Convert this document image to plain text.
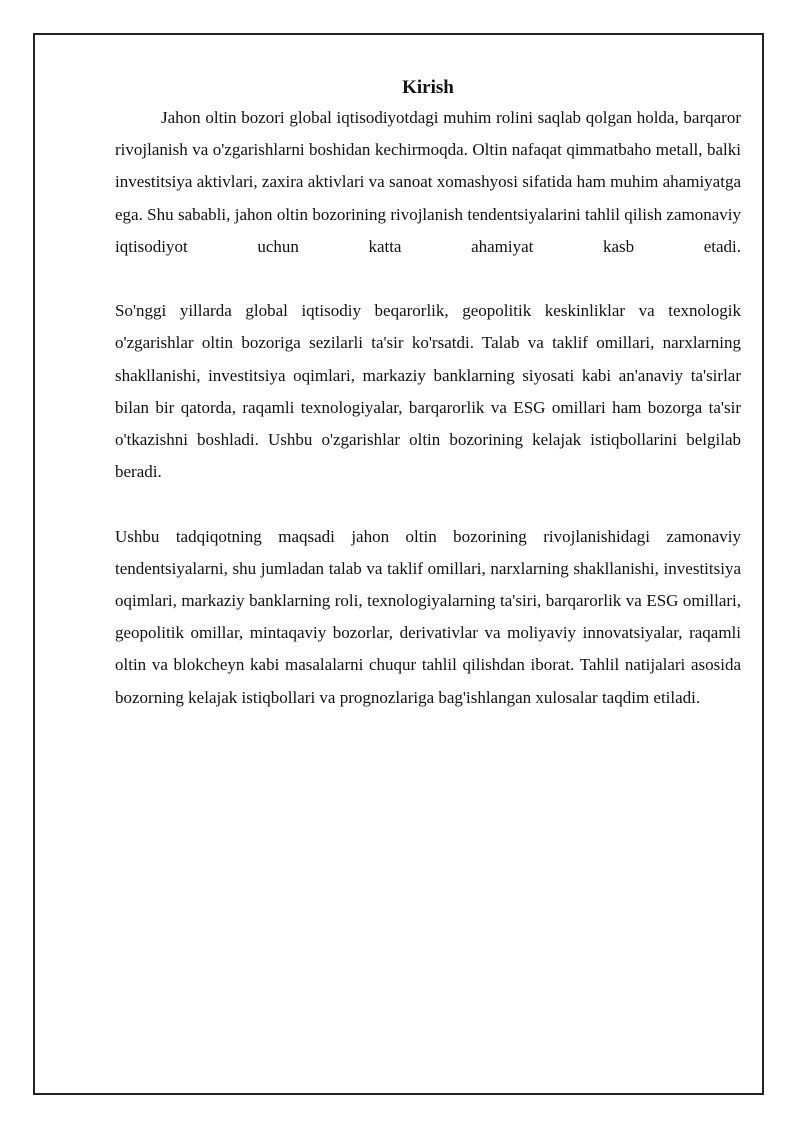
Kirish

Jahon oltin bozori global iqtisodiyotdagi muhim rolini saqlab qolgan holda, barqaror rivojlanish va o'zgarishlarni boshidan kechirmoqda. Oltin nafaqat qimmatbaho metall, balki investitsiya aktivlari, zaxira aktivlari va sanoat xomashyosi sifatida ham muhim ahamiyatga ega. Shu sababli, jahon oltin bozorining rivojlanish tendentsiyalarini tahlil qilish zamonaviy iqtisodiyot uchun katta ahamiyat kasb etadi.

So'nggi yillarda global iqtisodiy beqarorlik, geopolitik keskinliklar va texnologik o'zgarishlar oltin bozoriga sezilarli ta'sir ko'rsatdi. Talab va taklif omillari, narxlarning shakllanishi, investitsiya oqimlari, markaziy banklarning siyosati kabi an'anaviy ta'sirlar bilan bir qatorda, raqamli texnologiyalar, barqarorlik va ESG omillari ham bozorga ta'sir o'tkazishni boshladi. Ushbu o'zgarishlar oltin bozorining kelajak istiqbollarini belgilab beradi.

Ushbu tadqiqotning maqsadi jahon oltin bozorining rivojlanishidagi zamonaviy tendentsiyalarni, shu jumladan talab va taklif omillari, narxlarning shakllanishi, investitsiya oqimlari, markaziy banklarning roli, texnologiyalarning ta'siri, barqarorlik va ESG omillari, geopolitik omillar, mintaqaviy bozorlar, derivativlar va moliyaviy innovatsiyalar, raqamli oltin va blokcheyn kabi masalalarni chuqur tahlil qilishdan iborat. Tahlil natijalari asosida bozorning kelajak istiqbollari va prognozlariga bag'ishlangan xulosalar taqdim etiladi.
